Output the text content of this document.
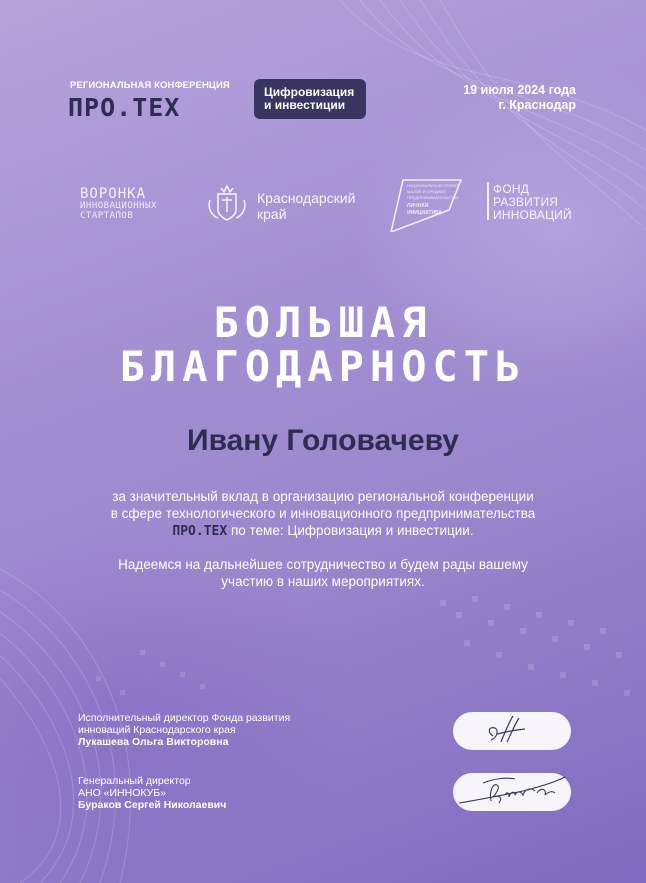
РЕГИОНАЛЬНАЯ КОНФЕРЕНЦИЯ
ПРО.ТЕХ
Цифровизация
и инвестиции
19 июля 2024 года
г. Краснодар
ВОРОНКА
ИННОВАЦИОННЫХ
СТАРТАПОВ
Краснодарский
край
НАЦИОНАЛЬНЫЙ ПРОЕКТ
МАЛОЕ И СРЕДНЕЕ
ПРЕДПРИНИМАТЕЛЬСТВО
ЛИЧНАЯ
ИНИЦИАТИВА
ФОНД
РАЗВИТИЯ
ИННОВАЦИЙ
БОЛЬШАЯ
БЛАГОДАРНОСТЬ
Ивану Головачеву
за значительный вклад в организацию региональной конференции
в сфере технологического и инновационного предпринимательства
ПРО.ТЕХ по теме: Цифровизация и инвестиции.
Надеемся на дальнейшее сотрудничество и будем рады вашему
участию в наших мероприятиях.
Исполнительный директор Фонда развития
инноваций Краснодарского края
Лукашева Ольга Викторовна
Генеральный директор
АНО «ИННОКУБ»
Бураков Сергей Николаевич
